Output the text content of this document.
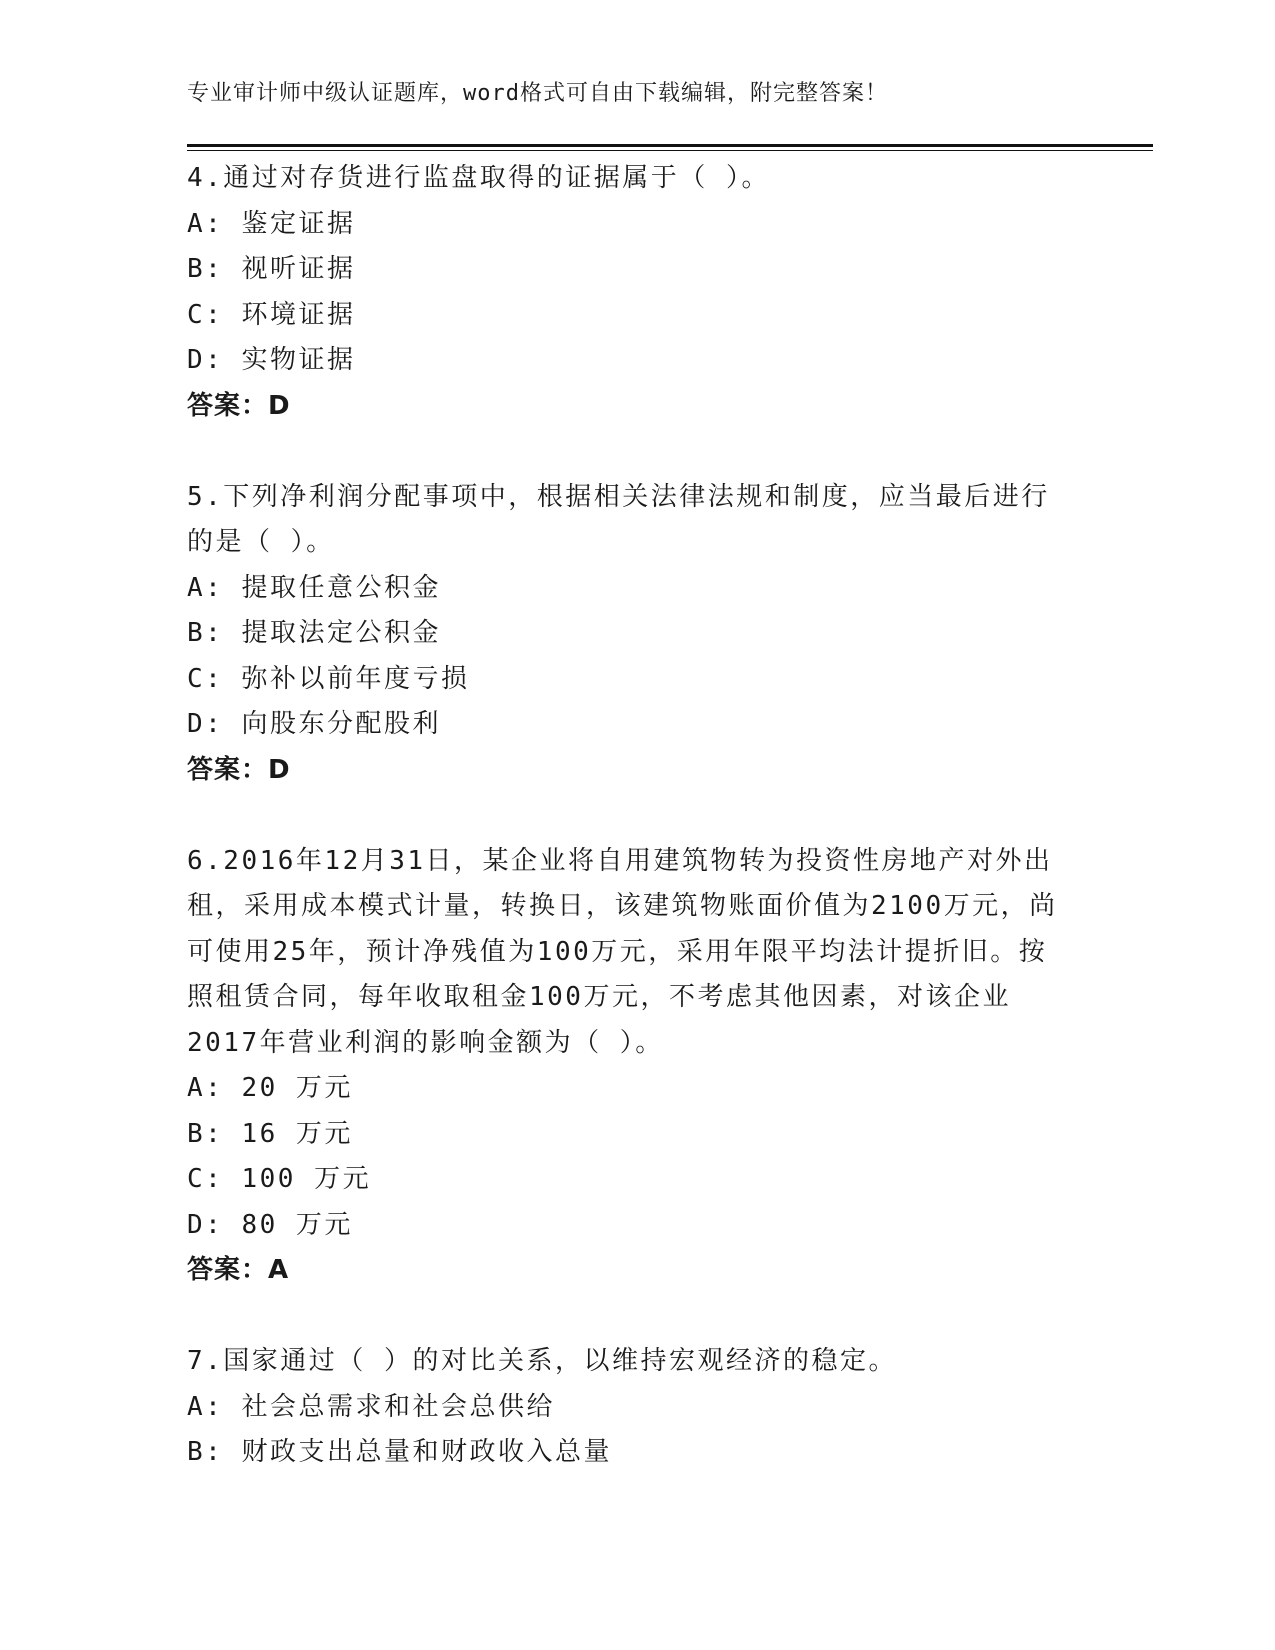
专业审计师中级认证题库，word格式可自由下载编辑，附完整答案！
4.通过对存货进行监盘取得的证据属于（ ）。
A: 鉴定证据
B: 视听证据
C: 环境证据
D: 实物证据
答案：D
5.下列净利润分配事项中，根据相关法律法规和制度，应当最后进行
的是（ ）。
A: 提取任意公积金
B: 提取法定公积金
C: 弥补以前年度亏损
D: 向股东分配股利
答案：D
6.2016年12月31日，某企业将自用建筑物转为投资性房地产对外出
租，采用成本模式计量，转换日，该建筑物账面价值为2100万元，尚
可使用25年，预计净残值为100万元，采用年限平均法计提折旧。按
照租赁合同，每年收取租金100万元，不考虑其他因素，对该企业
2017年营业利润的影响金额为（ ）。
A: 20 万元
B: 16 万元
C: 100 万元
D: 80 万元
答案：A
7.国家通过（ ）的对比关系，以维持宏观经济的稳定。
A: 社会总需求和社会总供给
B: 财政支出总量和财政收入总量
